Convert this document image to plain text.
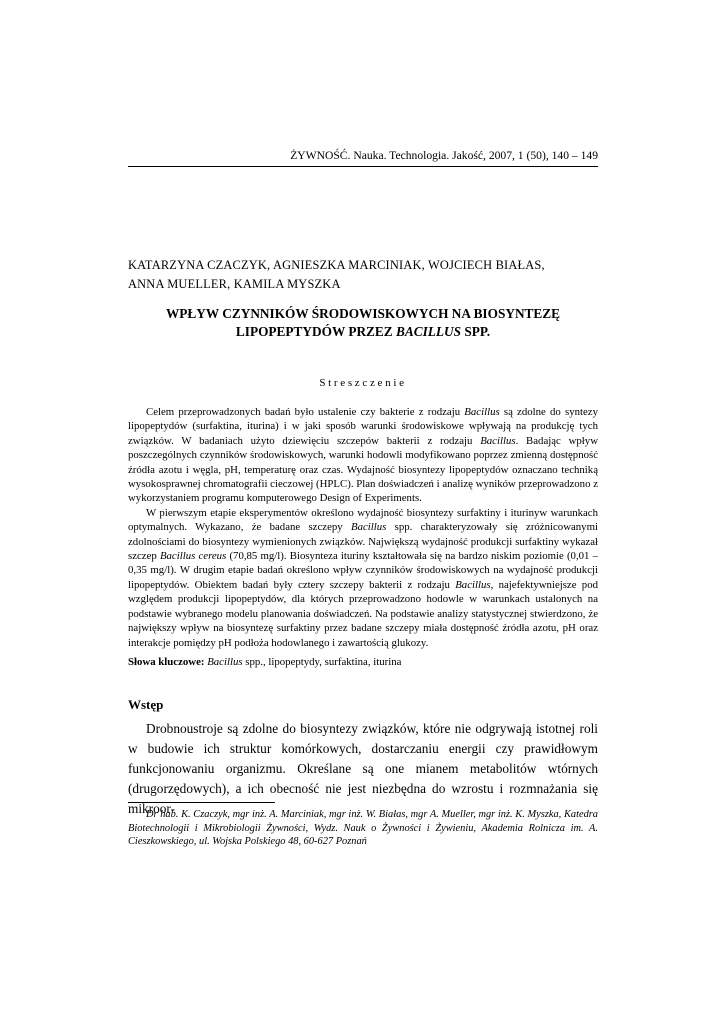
ŻYWNOŚĆ. Nauka. Technologia. Jakość, 2007, 1 (50), 140 – 149
KATARZYNA CZACZYK, AGNIESZKA MARCINIAK, WOJCIECH BIAŁAS,
ANNA MUELLER, KAMILA MYSZKA
WPŁYW CZYNNIKÓW ŚRODOWISKOWYCH NA BIOSYNTEZĘ
LIPOPEPTYDÓW PRZEZ BACILLUS SPP.
Streszczenie

Celem przeprowadzonych badań było ustalenie czy bakterie z rodzaju Bacillus są zdolne do syntezy lipopeptydów (surfaktina, iturina) i w jaki sposób warunki środowiskowe wpływają na produkcję tych związków. W badaniach użyto dziewięciu szczepów bakterii z rodzaju Bacillus. Badając wpływ poszczególnych czynników środowiskowych, warunki hodowli modyfikowano poprzez zmienną dostępność źródła azotu i węgla, pH, temperaturę oraz czas. Wydajność biosyntezy lipopeptydów oznaczano techniką wysokosprawnej chromatografii cieczowej (HPLC). Plan doświadczeń i analizę wyników przeprowadzono z wykorzystaniem programu komputerowego Design of Experiments.

W pierwszym etapie eksperymentów określono wydajność biosyntezy surfaktiny i iturinyw warunkach optymalnych. Wykazano, że badane szczepy Bacillus spp. charakteryzowały się zróżnicowanymi zdolnościami do biosyntezy wymienionych związków. Największą wydajność produkcji surfaktiny wykazał szczep Bacillus cereus (70,85 mg/l). Biosynteza ituriny kształtowała się na bardzo niskim poziomie (0,01 – 0,35 mg/l). W drugim etapie badań określono wpływ czynników środowiskowych na wydajność produkcji lipopeptydów. Obiektem badań były cztery szczepy bakterii z rodzaju Bacillus, najefektywniejsze pod względem produkcji lipopeptydów, dla których przeprowadzono hodowle w warunkach ustalonych na podstawie wybranego modelu planowania doświadczeń. Na podstawie analizy statystycznej stwierdzono, że największy wpływ na biosyntezę surfaktiny przez badane szczepy miała dostępność źródła azotu, pH oraz interakcje pomiędzy pH podłoża hodowlanego i zawartością glukozy.

Słowa kluczowe: Bacillus spp., lipopeptydy, surfaktina, iturina
Wstęp
Drobnoustroje są zdolne do biosyntezy związków, które nie odgrywają istotnej roli w budowie ich struktur komórkowych, dostarczaniu energii czy prawidłowym funkcjonowaniu organizmu. Określane są one mianem metabolitów wtórnych (drugorzędowych), a ich obecność nie jest niezbędna do wzrostu i rozmnażania się mikroor-
Dr hab. K. Czaczyk, mgr inż. A. Marciniak, mgr inż. W. Białas, mgr A. Mueller, mgr inż. K. Myszka, Katedra Biotechnologii i Mikrobiologii Żywności, Wydz. Nauk o Żywności i Żywieniu, Akademia Rolnicza im. A. Cieszkowskiego, ul. Wojska Polskiego 48, 60-627 Poznań
